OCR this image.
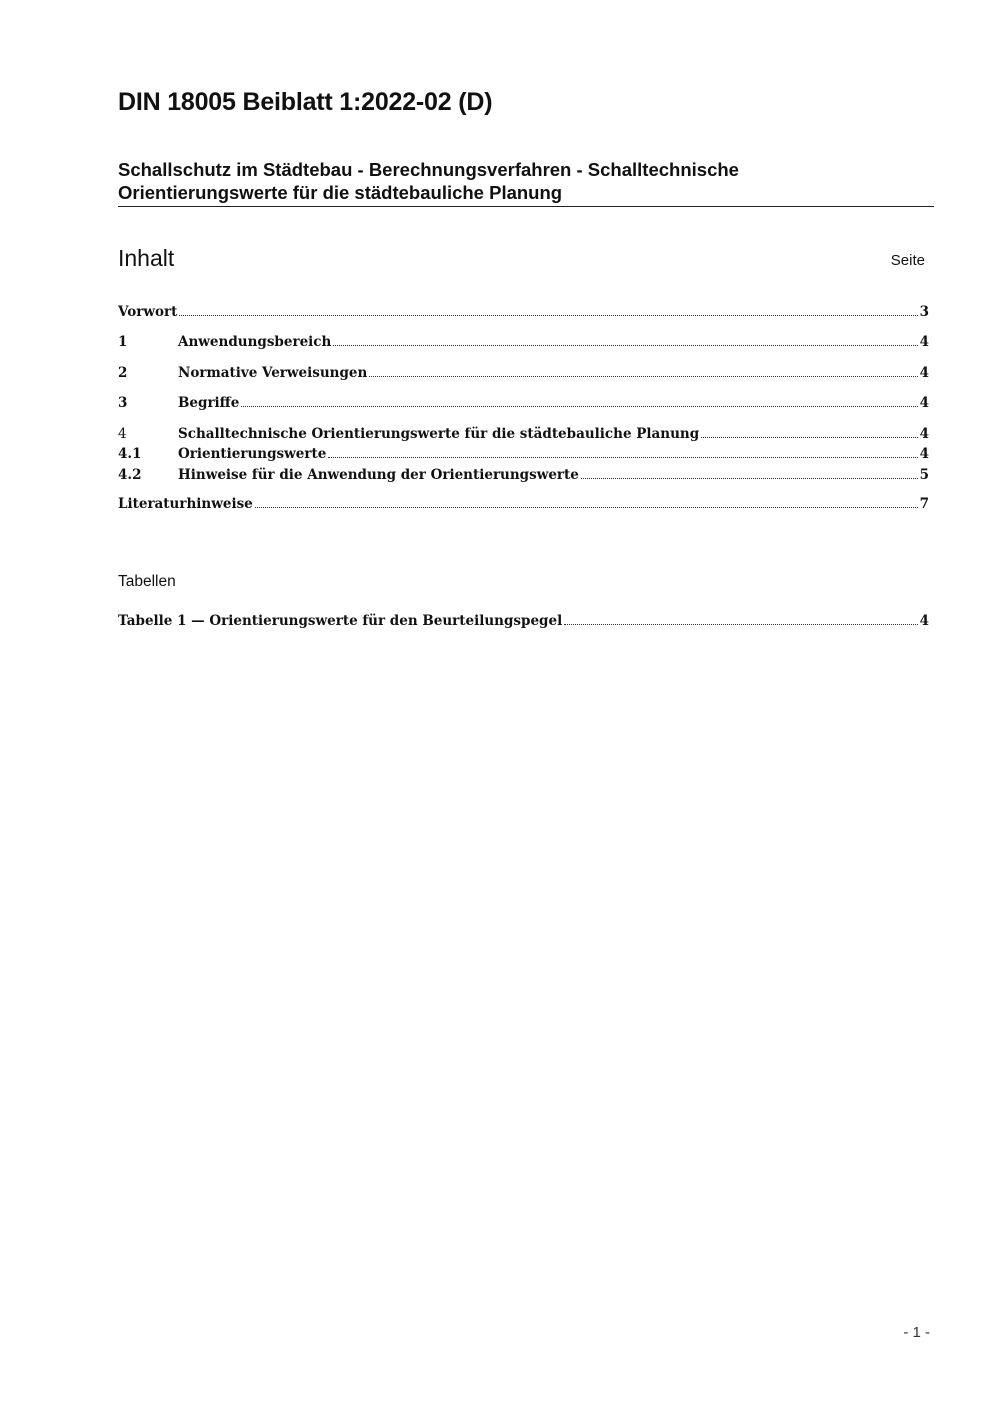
DIN 18005 Beiblatt 1:2022-02 (D)
Schallschutz im Städtebau - Berechnungsverfahren - Schalltechnische
Orientierungswerte für die städtebauliche Planung
Inhalt	Seite
Vorwort	3
1	Anwendungsbereich	4
2	Normative Verweisungen	4
3	Begriffe	4
4	Schalltechnische Orientierungswerte für die städtebauliche Planung	4
4.1	Orientierungswerte	4
4.2	Hinweise für die Anwendung der Orientierungswerte	5
Literaturhinweise	7
Tabellen
Tabelle 1 — Orientierungswerte für den Beurteilungspegel	4
- 1 -
